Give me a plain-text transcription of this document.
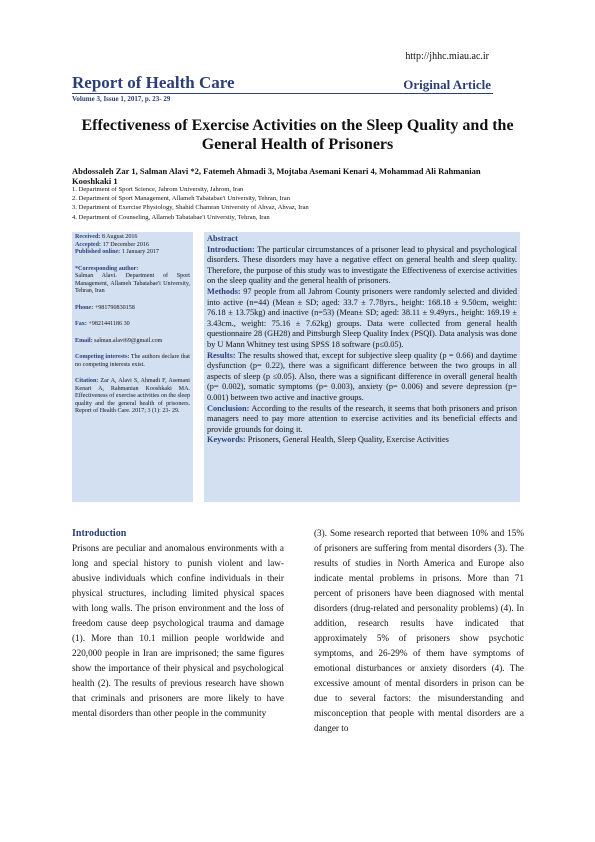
http://jhhc.miau.ac.ir
Report of Health Care	Original Article
Volume 3, Issue 1, 2017, p. 23- 29
Effectiveness of Exercise Activities on the Sleep Quality and the General Health of Prisoners
Abdossaleh Zar 1, Salman Alavi *2, Fatemeh Ahmadi 3, Mojtaba Asemani Kenari 4, Mohammad Ali Rahmanian Kooshkaki 1
1. Department of Sport Science, Jahrom University, Jahrom, Iran
2. Department of Sport Management, Allameh Tabatabae'i University, Tehran, Iran
3. Department of Exercise Physiology, Shahid Chamran University of Ahvaz, Ahvaz, Iran
4. Department of Counseling, Allameh Tabatabae'i University, Tehran, Iran

Received: 8 August 2016

Accepted: 17 December 2016

Published online: 1 January 2017

*Corresponding author:

Salman Alavi. Department of Sport Management, Allameh Tabatabae'i University, Tehran, Iran

Phone: +981790830158

Fax: +9821441186 30

Email: salman.alavi69@gmail.com

Competing interests: The authors declare that no competing interests exist.

Citation: Zar A, Alavi S, Ahmadi F, Asemani Kenari A, Rahmanian Kooshkaki MA. Effectiveness of exercise activities on the sleep quality and the general health of prisoners. Report of Health Care. 2017; 3 (1): 23- 29.

Abstract

Introduction: The particular circumstances of a prisoner lead to physical and psychological disorders. These disorders may have a negative effect on general health and sleep quality. Therefore, the purpose of this study was to investigate the Effectiveness of exercise activities on the sleep quality and the general health of prisoners.

Methods: 97 people from all Jahrom County prisoners were randomly selected and divided into active (n=44) (Mean ± SD; aged: 33.7 ± 7.78yrs., height: 168.18 ± 9.50cm, weight: 76.18 ± 13.75kg) and inactive (n=53) (Mean± SD; aged: 38.11 ± 9.49yrs., height: 169.19 ± 3.43cm., weight: 75.16 ± 7.62kg) groups. Data were collected from general health questionnaire 28 (GH28) and Pittsburgh Sleep Quality Index (PSQI). Data analysis was done by U Mann Whitney test using SPSS 18 software (p≤0.05).

Results: The results showed that, except for subjective sleep quality (p = 0.66) and daytime dysfunction (p= 0.22), there was a significant difference between the two groups in all aspects of sleep (p ≤0.05). Also, there was a significant difference in overall general health (p= 0.002), somatic symptoms (p= 0.003), anxiety (p= 0.006) and severe depression (p= 0.001) between two active and inactive groups.

Conclusion: According to the results of the research, it seems that both prisoners and prison managers need to pay more attention to exercise activities and its beneficial effects and provide grounds for doing it.

Keywords: Prisoners, General Health, Sleep Quality, Exercise Activities

Introduction

Prisons are peculiar and anomalous environments with a long and special history to punish violent and law-abusive individuals which confine individuals in their physical structures, including limited physical spaces with long walls. The prison environment and the loss of freedom cause deep psychological trauma and damage (1). More than 10.1 million people worldwide and 220,000 people in Iran are imprisoned; the same figures show the importance of their physical and psychological health (2). The results of previous research have shown that criminals and prisoners are more likely to have mental disorders than other people in the community

(3). Some research reported that between 10% and 15% of prisoners are suffering from mental disorders (3). The results of studies in North America and Europe also indicate mental problems in prisons. More than 71 percent of prisoners have been diagnosed with mental disorders (drug-related and personality problems) (4). In addition, research results have indicated that approximately 5% of prisoners show psychotic symptoms, and 26-29% of them have symptoms of emotional disturbances or anxiety disorders (4). The excessive amount of mental disorders in prison can be due to several factors: the misunderstanding and misconception that people with mental disorders are a danger to
